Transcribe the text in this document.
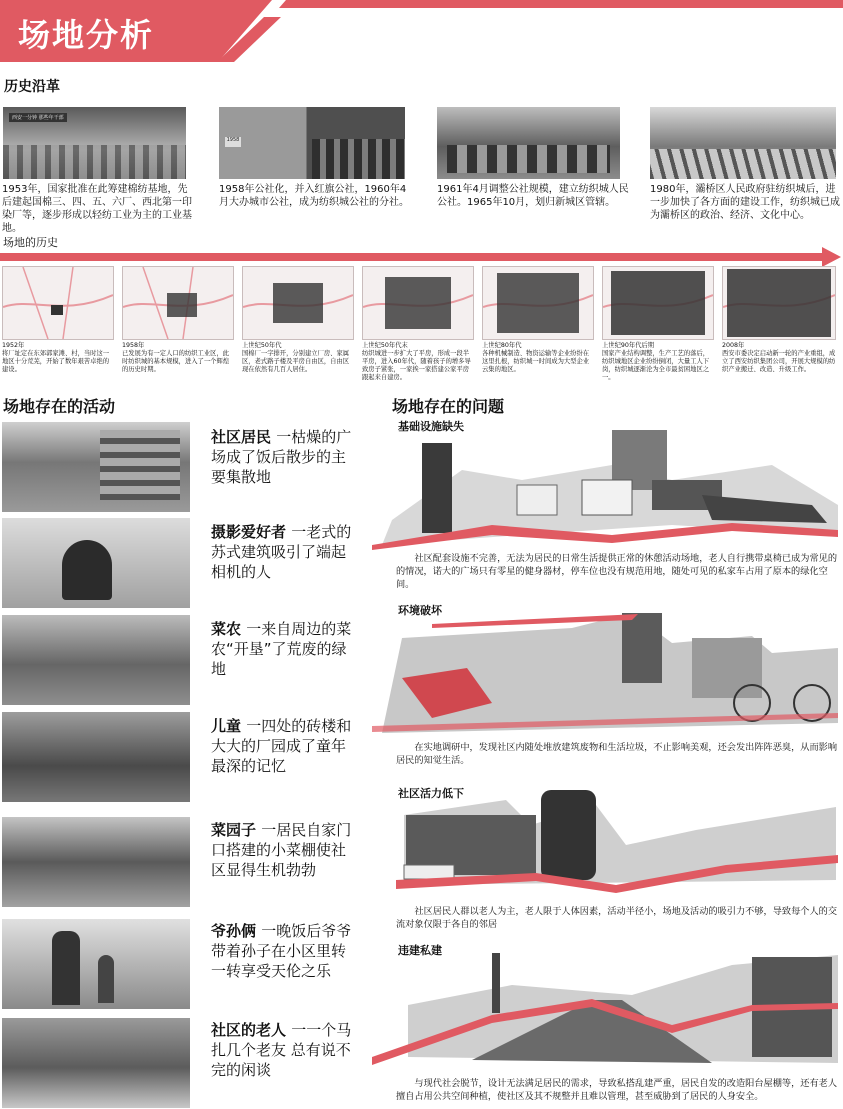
场地分析
历史沿革
西安一分钟 那些年干部
1958
1953年，国家批准在此筹建棉纺基地，先后建起国棉三、四、五、六厂、西北第一印染厂等，逐步形成以轻纺工业为主的工业基地。
1958年公社化，并入红旗公社，1960年4月大办城市公社，成为纺织城公社的分社。
1961年4月调整公社规模，建立纺织城人民公社。1965年10月，划归新城区管辖。
1980年，灞桥区人民政府驻纺织城后，进一步加快了各方面的建设工作，纺织城已成为灞桥区的政治、经济、文化中心。
场地的历史
1952年
将厂址定在东郊郭家滩、村，当时这一地区十分荒芜，开始了数年艰苦卓绝的建设。
1958年
已发展为有一定人口的纺织工业区，此时纺织城的基本规模，进入了一个辉煌的历史时期。
上世纪50年代
国棉厂一字排开，分别建立厂房、家属区，老式路子楼及平房自由区，自由区现在依然有几百人居住。
上世纪50年代末
纺织城进一步扩大了平房，形成一段半平房，进入60年代，随着孩子的增多导致房子紧张，一家挨一家搭建公家平房跟起来自建房。
上世纪80年代
各种机械制造、物资运输等企业纷纷在这里扎根，纺织城一时间成为大型企业云集的地区。
上世纪90年代后期
国家产业结构调整，生产工艺的落后，纺织城地区企业纷纷倒闭，大量工人下岗，纺织城逐渐沦为全市最贫困地区之一。
2008年
西安市委决定启动新一轮的产业重组，成立了西安纺织集团公司，开展大规模的纺织产业搬迁、改造、升级工作。
场地存在的活动
社区居民 一枯燥的广场成了饭后散步的主要集散地
摄影爱好者 一老式的苏式建筑吸引了端起相机的人
菜农 一来自周边的菜农“开垦”了荒废的绿地
儿童 一四处的砖楼和大大的厂园成了童年最深的记忆
菜园子 一居民自家门口搭建的小菜棚使社区显得生机勃勃
爷孙俩 一晚饭后爷爷带着孙子在小区里转一转享受天伦之乐
社区的老人 一一个马扎几个老友 总有说不完的闲谈
场地存在的问题
基础设施缺失
社区配套设施不完善，无法为居民的日常生活提供正常的休憩活动场地，老人自行携带桌椅已成为常见的的情况，诺大的广场只有零星的健身器材，停车位也没有规范用地，随处可见的私家车占用了原本的绿化空间。
环境破坏
在实地调研中，发现社区内随处堆放建筑废物和生活垃圾，不止影响美观，还会发出阵阵恶臭，从而影响居民的知觉生活。
社区活力低下
社区居民人群以老人为主，老人限于人体因素，活动半径小，场地及活动的吸引力不够，导致每个人的交流对象仅限于各自的邻居
违建私建
与现代社会脱节，设计无法满足居民的需求，导致私搭乱建严重，居民自发的改造阳台屋棚等，还有老人擅自占用公共空间种植，使社区及其不规整并且难以管理，甚至威胁到了居民的人身安全。
